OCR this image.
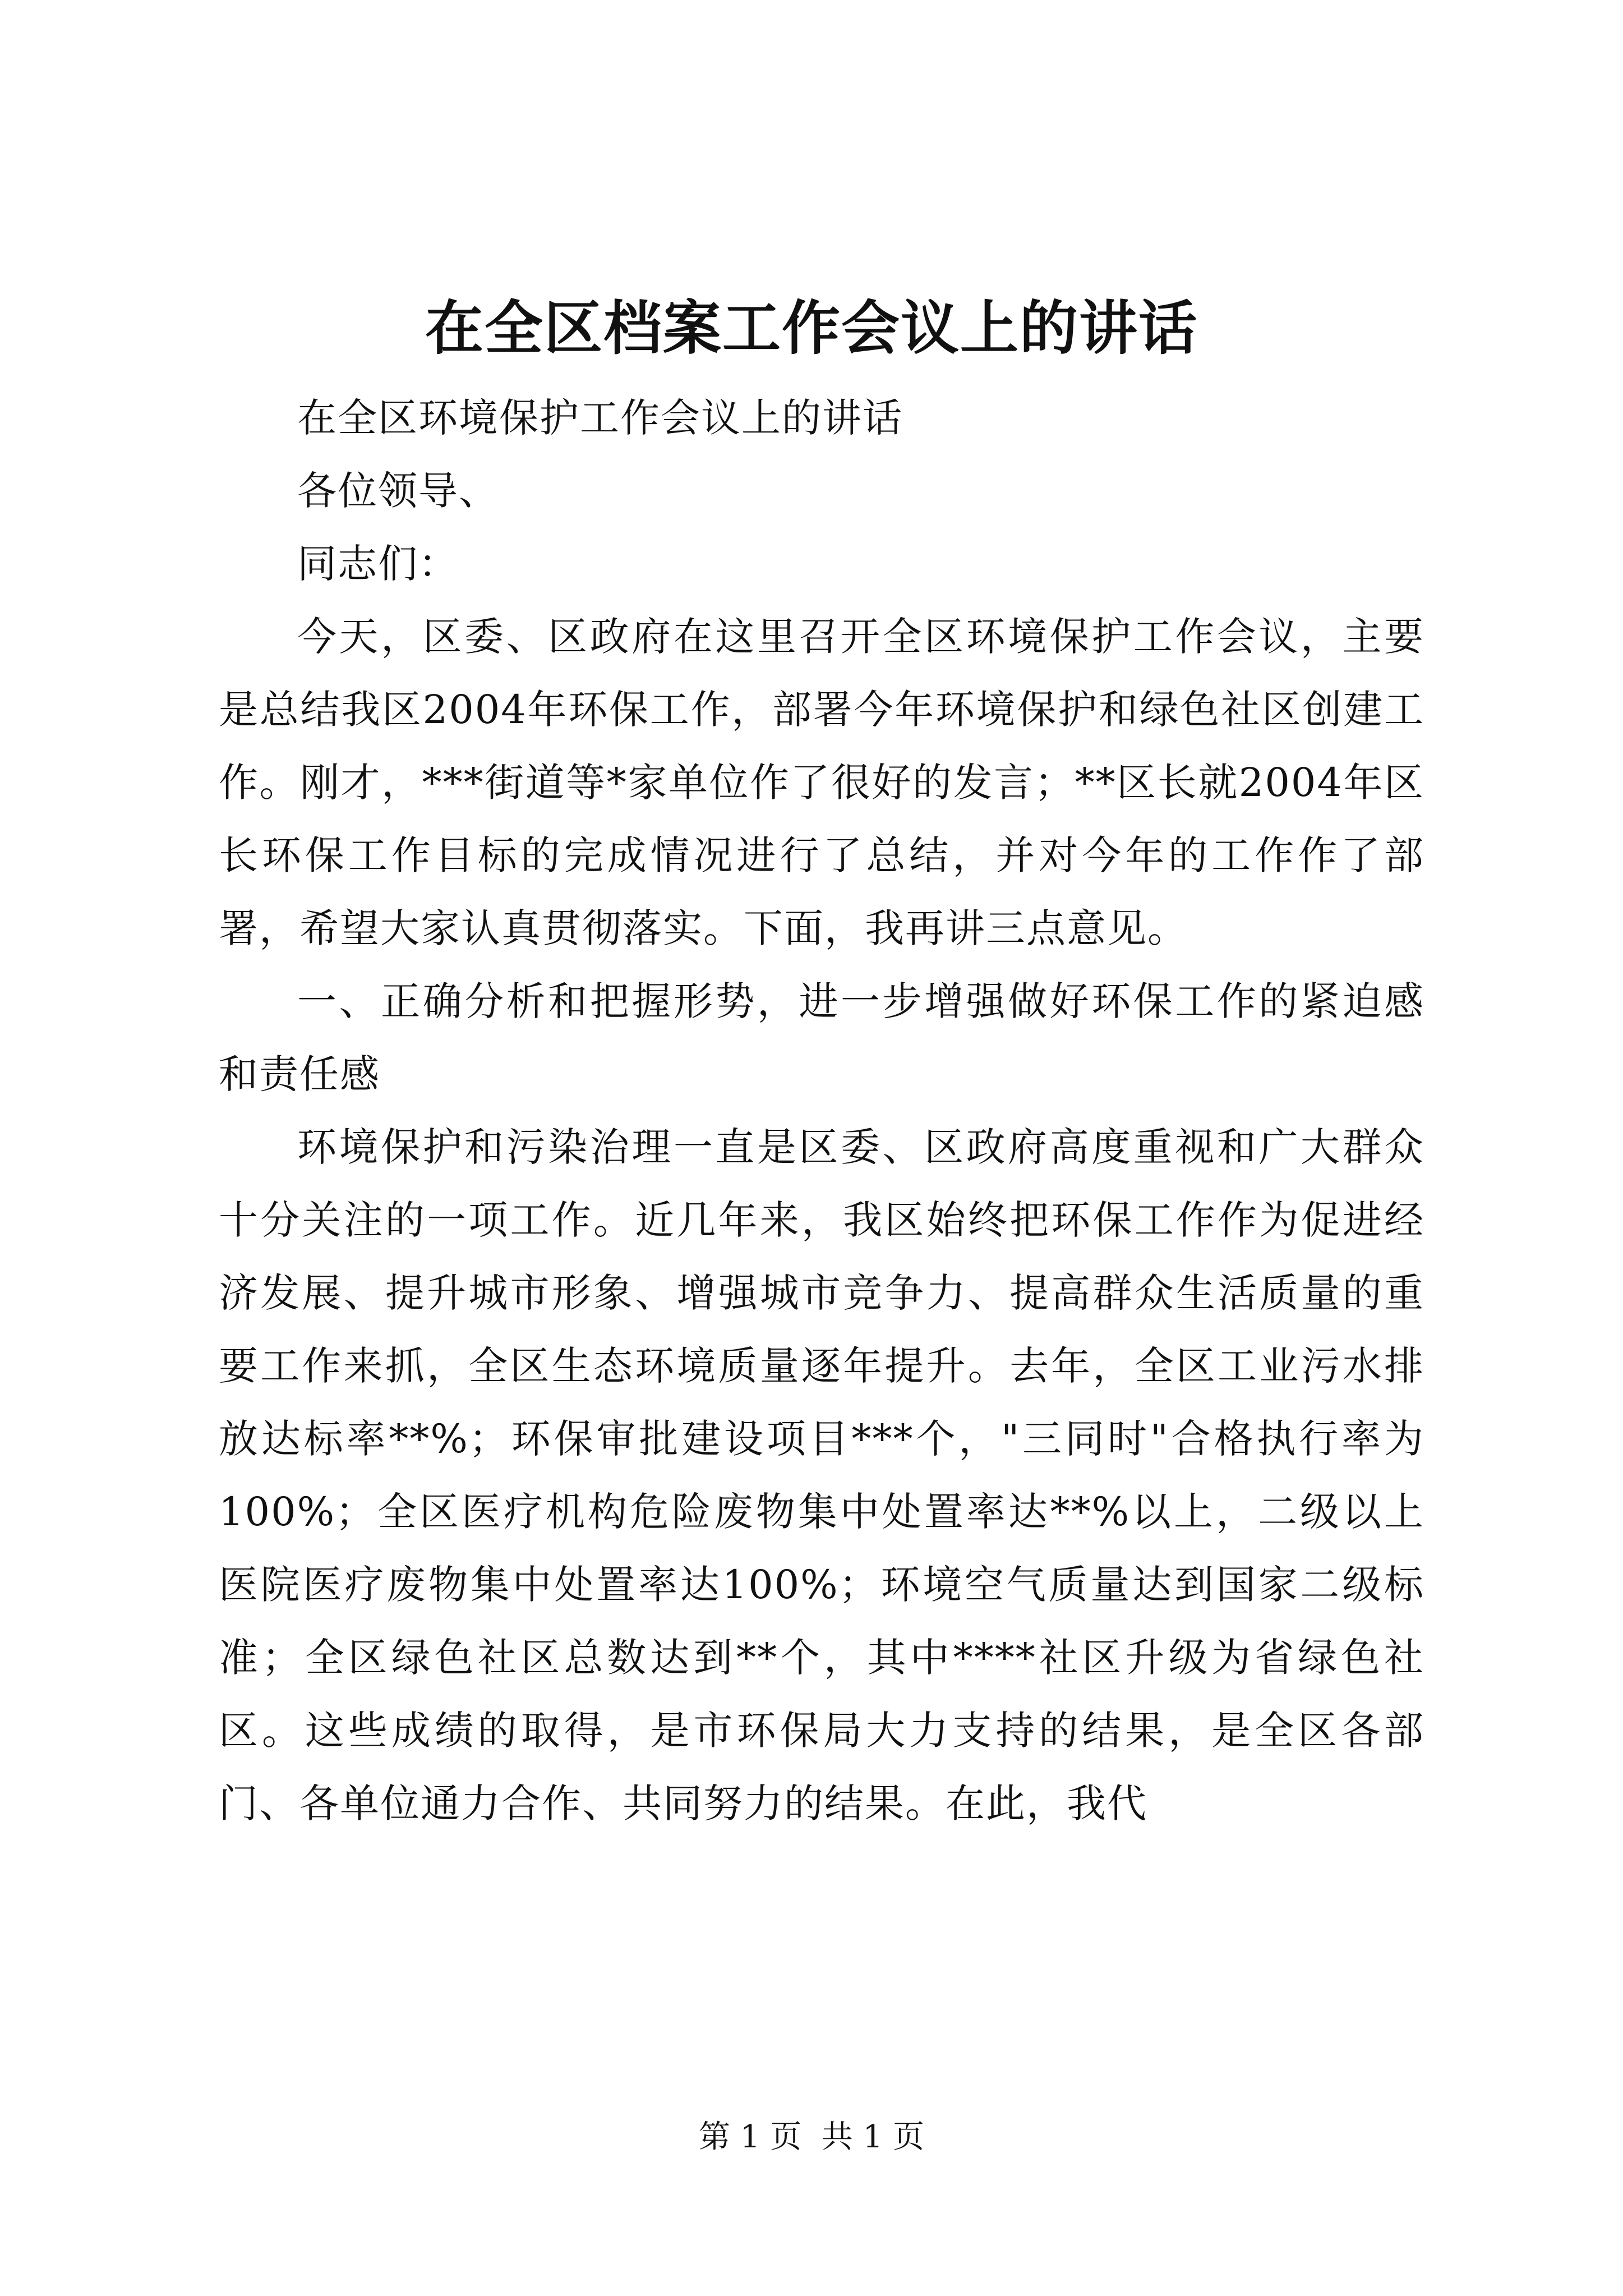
在全区档案工作会议上的讲话

在全区环境保护工作会议上的讲话

各位领导、

同志们：

今天，区委、区政府在这里召开全区环境保护工作会议，主要是总结我区2004年环保工作，部署今年环境保护和绿色社区创建工作。刚才，***街道等*家单位作了很好的发言；**区长就2004年区长环保工作目标的完成情况进行了总结，并对今年的工作作了部署，希望大家认真贯彻落实。下面，我再讲三点意见。

一、正确分析和把握形势，进一步增强做好环保工作的紧迫感和责任感

环境保护和污染治理一直是区委、区政府高度重视和广大群众十分关注的一项工作。近几年来，我区始终把环保工作作为促进经济发展、提升城市形象、增强城市竞争力、提高群众生活质量的重要工作来抓，全区生态环境质量逐年提升。去年，全区工业污水排放达标率**%；环保审批建设项目***个，"三同时"合格执行率为100%；全区医疗机构危险废物集中处置率达**%以上，二级以上医院医疗废物集中处置率达100%；环境空气质量达到国家二级标准；全区绿色社区总数达到**个，其中****社区升级为省绿色社区。这些成绩的取得，是市环保局大力支持的结果，是全区各部门、各单位通力合作、共同努力的结果。在此，我代

第 1 页  共 1 页
